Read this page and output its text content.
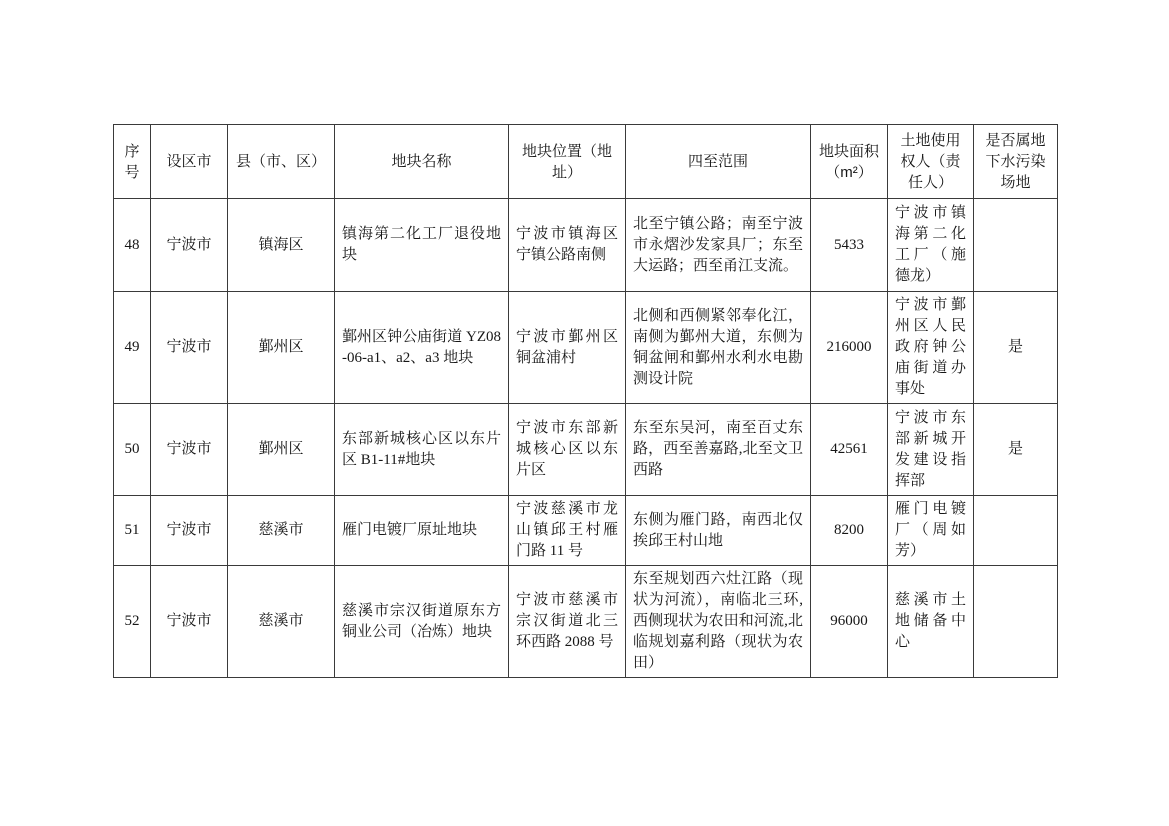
序号	设区市	县（市、区）	地块名称	地块位置（地址）	四至范围	地块面积（m²）	土地使用权人（责任人）	是否属地下水污染场地
48	宁波市	镇海区	镇海第二化工厂退役地块	宁波市镇海区宁镇公路南侧	北至宁镇公路；南至宁波市永熠沙发家具厂；东至大运路；西至甬江支流。	5433	宁波市镇海第二化工厂（施德龙）	
49	宁波市	鄞州区	鄞州区钟公庙街道 YZ08-06-a1、a2、a3 地块	宁波市鄞州区铜盆浦村	北侧和西侧紧邻奉化江，南侧为鄞州大道，东侧为铜盆闸和鄞州水利水电勘测设计院	216000	宁波市鄞州区人民政府钟公庙街道办事处	是
50	宁波市	鄞州区	东部新城核心区以东片区 B1-11#地块	宁波市东部新城核心区以东片区	东至东吴河，南至百丈东路，西至善嘉路,北至文卫西路	42561	宁波市东部新城开发建设指挥部	是
51	宁波市	慈溪市	雁门电镀厂原址地块	宁波慈溪市龙山镇邱王村雁门路 11 号	东侧为雁门路，南西北仅挨邱王村山地	8200	雁门电镀厂（周如芳）	
52	宁波市	慈溪市	慈溪市宗汉街道原东方铜业公司（冶炼）地块	宁波市慈溪市宗汉街道北三环西路 2088 号	东至规划西六灶江路（现状为河流），南临北三环,西侧现状为农田和河流,北临规划嘉利路（现状为农田）	96000	慈溪市土地储备中心	
